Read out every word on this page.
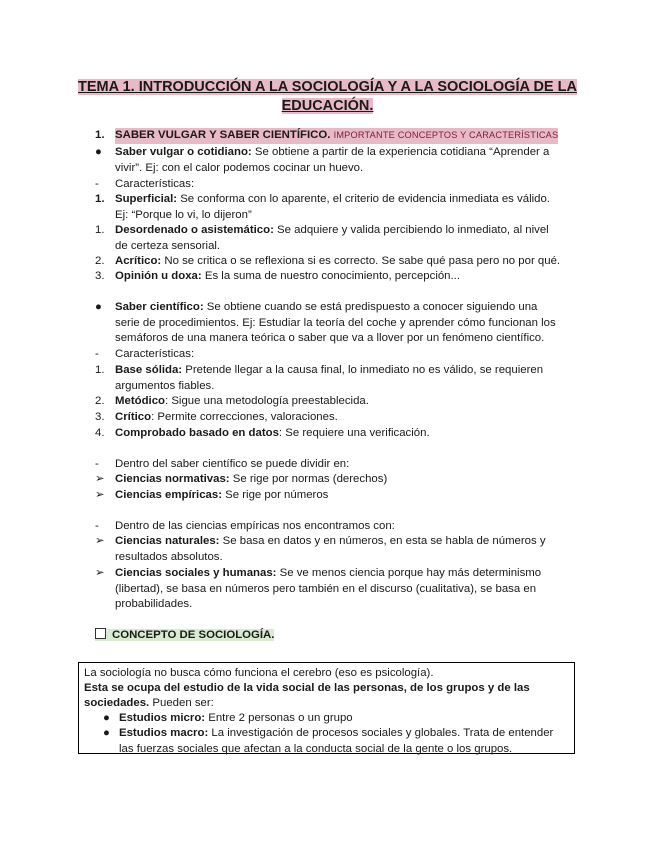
TEMA 1. INTRODUCCIÓN A LA SOCIOLOGÍA Y A LA SOCIOLOGÍA DE LA
EDUCACIÓN.
1. SABER VULGAR Y SABER CIENTÍFICO. IMPORTANTE CONCEPTOS Y CARACTERÍSTICAS
●	Saber vulgar o cotidiano: Se obtiene a partir de la experiencia cotidiana “Aprender a
vivir”. Ej: con el calor podemos cocinar un huevo.
-	Características:
1. Superficial: Se conforma con lo aparente, el criterio de evidencia inmediata es válido.
Ej: “Porque lo vi, lo dijeron”
1. Desordenado o asistemático: Se adquiere y valida percibiendo lo inmediato, al nivel
de certeza sensorial.
2. Acrítico: No se critica o se reflexiona si es correcto. Se sabe qué pasa pero no por qué.
3. Opinión u doxa: Es la suma de nuestro conocimiento, percepción...
●	Saber científico: Se obtiene cuando se está predispuesto a conocer siguiendo una
serie de procedimientos. Ej: Estudiar la teoría del coche y aprender cómo funcionan los
semáforos de una manera teórica o saber que va a llover por un fenómeno científico.
-	Características:
1. Base sólida: Pretende llegar a la causa final, lo inmediato no es válido, se requieren
argumentos fiables.
2. Metódico: Sigue una metodología preestablecida.
3. Crítico: Permite correcciones, valoraciones.
4. Comprobado basado en datos: Se requiere una verificación.
-	Dentro del saber científico se puede dividir en:
➢ Ciencias normativas: Se rige por normas (derechos)
➢ Ciencias empíricas: Se rige por números
-	Dentro de las ciencias empíricas nos encontramos con:
➢ Ciencias naturales: Se basa en datos y en números, en esta se habla de números y
resultados absolutos.
➢ Ciencias sociales y humanas: Se ve menos ciencia porque hay más determinismo
(libertad), se basa en números pero también en el discurso (cualitativa), se basa en
probabilidades.
CONCEPTO DE SOCIOLOGÍA.
La sociología no busca cómo funciona el cerebro (eso es psicología).
Esta se ocupa del estudio de la vida social de las personas, de los grupos y de las
sociedades. Pueden ser:
● Estudios micro: Entre 2 personas o un grupo
● Estudios macro: La investigación de procesos sociales y globales. Trata de entender
las fuerzas sociales que afectan a la conducta social de la gente o los grupos.
